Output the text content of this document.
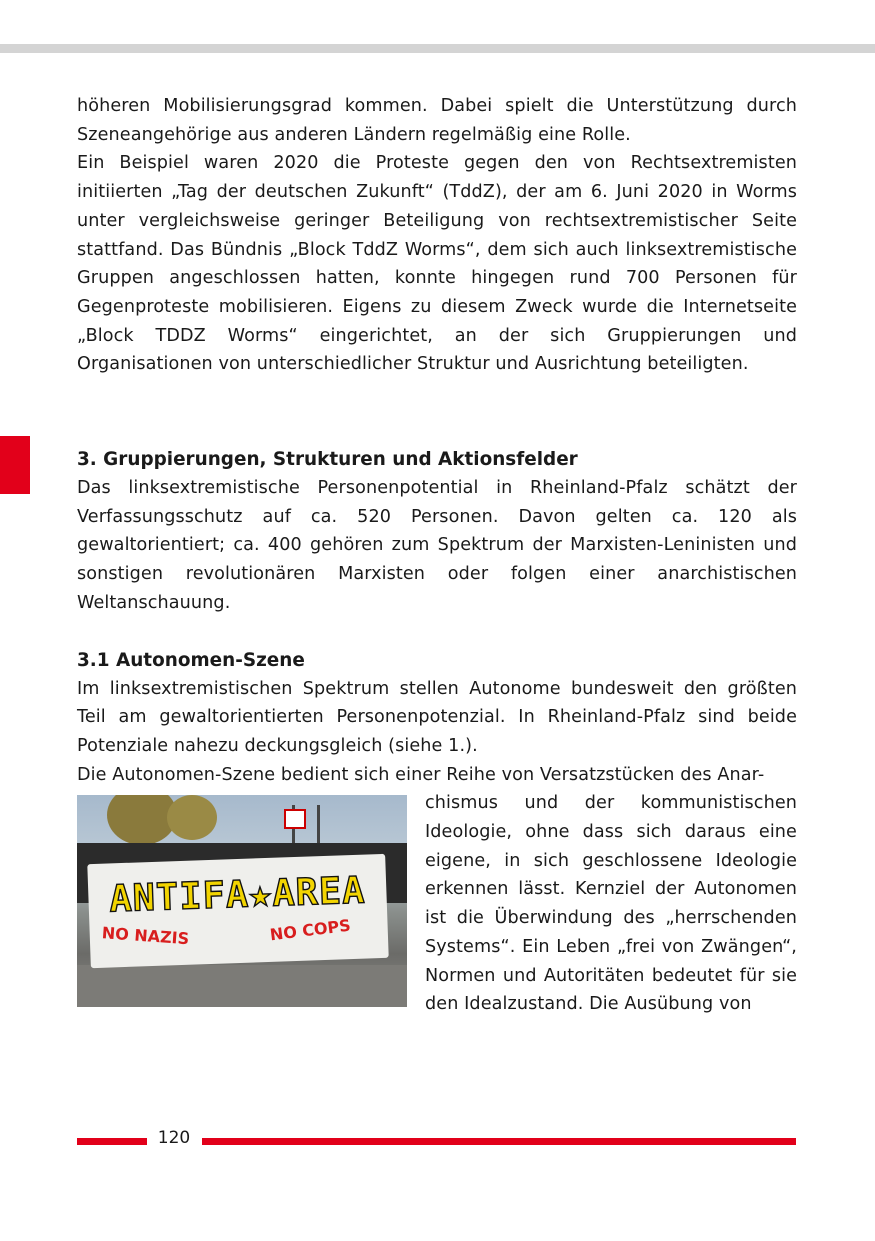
höheren Mobilisierungsgrad kommen. Dabei spielt die Unterstützung durch Szeneangehörige aus anderen Ländern regelmäßig eine Rolle.

Ein Beispiel waren 2020 die Proteste gegen den von Rechtsextremisten initiierten „Tag der deutschen Zukunft“ (TddZ), der am 6. Juni 2020 in Worms unter vergleichsweise geringer Beteiligung von rechtsextremistischer Seite stattfand. Das Bündnis „Block TddZ Worms“, dem sich auch linksextremistische Gruppen angeschlossen hatten, konnte hingegen rund 700 Personen für Gegenproteste mobilisieren. Eigens zu diesem Zweck wurde die Internetseite „Block TDDZ Worms“ eingerichtet, an der sich Gruppierungen und Organisationen von unterschiedlicher Struktur und Ausrichtung beteiligten.

3. Gruppierungen, Strukturen und Aktionsfelder

Das linksextremistische Personenpotential in Rheinland-Pfalz schätzt der Verfassungsschutz auf ca. 520 Personen. Davon gelten ca. 120 als gewaltorientiert; ca. 400 gehören zum Spektrum der Marxisten-Leninisten und sonstigen revolutionären Marxisten oder folgen einer anarchistischen Weltanschauung.

3.1 Autonomen-Szene

Im linksextremistischen Spektrum stellen Autonome bundesweit den größten Teil am gewaltorientierten Personenpotenzial. In Rheinland-Pfalz sind beide Potenziale nahezu deckungsgleich (siehe 1.).

Die Autonomen-Szene bedient sich einer Reihe von Versatzstücken des Anar-

ANTIFA★AREA
NO NAZIS	NO COPS

chismus und der kommunistischen Ideologie, ohne dass sich daraus eine eigene, in sich geschlossene Ideologie erkennen lässt. Kernziel der Autonomen ist die Überwindung des „herrschenden Systems“. Ein Leben „frei von Zwängen“, Normen und Autoritäten bedeutet für sie den Idealzustand. Die Ausübung von

120
